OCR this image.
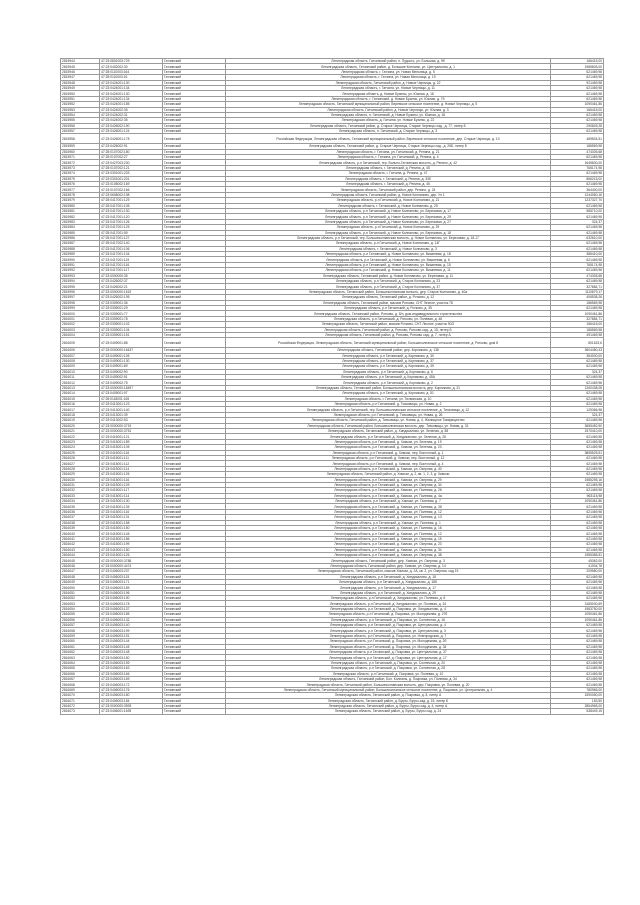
2815944	47:23:0801003:729	Гатчинский	Ленинградская область, Гатчинский район, п. Пудость, ул. Большая, д. 9б	166415,00
2815945	47:23:0402002:30	Гатчинский	Ленинградская область, Гатчинский район, д. Большие Колпаны, ул. Центральная, д. 1	1985805,00
2815946	47:25:0110003:164	Гатчинский	Ленинградская область, г. Гатчина, ул. Новая Мельница, д. 5	621469,98
2815947	47:25:0110003:16	Гатчинский	Ленинградская область, г. Гатчина, ул. Новая Мельница, д. 19	621469,98
2815948	47:23:0424001:130	Гатчинский	Ленинградская область, Гатчинский район, д. Новые Черницы, д. 22	921469,98
2815949	47:23:0424001:134	Гатчинский	Ленинградская область, г. Гатчина, ул. Новые Черницы, д. 11	621469,98
2815950	47:23:0424001:130	Гатчинский	Ленинградская область, д. Новые Бузины, ул. Южная, д. 18	621469,98
2815951	47:23:0424001:134	Гатчинский	Ленинградская область, г. Гатчинский, д. Новые Бузины, ул. Южная, д. 7б	621469,98
2815952	47:23:0424001:185	Гатчинский	Ленинградская область, Гатчинский муниципальный район, Веревское сельское поселение, д. Новые Черницы, д. 5	1090461,86
2815953	47:23:0424002:35	Гатчинский	Ленинградская область, Гатчинский район, д. Новые Черницы, ул. Южная, д. 3	166415,00
2815954	47:23:0424002:31	Гатчинский	Ленинградская область, п. Гатчинский, д. Новые Бузины, ул. Южная, д. 18	621469,98
2815955	47:23:0424002:35	Гатчинский	Ленинградская область, д. Гатчина, ул. Новые Бузины, д. 22	621469,98
2815956	47:23:0426002:190	Гатчинский	Ленинградская область, Гатчинский район, д. Старые Черницы, Старые Черницы сад., д. 77, литер Б	290849,28
2815957	47:23:0426001:124	Гатчинский	Ленинградская область, п. Гатчинский, д. Старые Черницы, д. 3	621469,98
2815958	47:23:0426001:178	Гатчинский	Российская Федерация, Ленинградская область, Гатчинский муниципальный район, Веревское сельское поселение, дер. Старые Черницы, д. 10	489504,51
2815959	47:23:0426002:91	Гатчинский	Ленинградская область, Гатчинский район, д. Старые Черницы, Старые Черницы сад., д. 26Б, литер Б	186569,98
2815960	47:25:0107002:180	Гатчинский	Ленинградская область, г. Гатчина, ул. Гатчинский, д. Репина, д. 21	474305,68
2815971	47:25:0107002:27	Гатчинский	Ленинградская область, г. Гатчина, ул. Гатчинский, д. Репина, д. 4	621469,98
2815972	47:23:0427003:230	Гатчинский	Ленинградская область, р-н Гатчинский, тер. Вольно-Гатчинская волость, д. Репино, д. 42	1645830,00
2815973	47:25:0107002:121	Гатчинский	Ленинградская область, г. Гатчинский, д. Репина, д. 45	765174,98
2815974	47:23:0301001:233	Гатчинский	Ленинградская область, г. Гатчина, д. Репина, д. 47	621469,98
2815975	47:23:0301001:201	Гатчинский	Ленинградская область, г. Гатчинский, д. Репина, д. 33б	866215,00
2815976	47:23:0105002:169	Гатчинский	Ленинградская область, г. Гатчинский, д. Репина, д. 46	621469,98
2815977	47:23:0107002:166	Гатчинский	Ленинградская область, Гатчинский район, дер. Репино, д. 24	364400,00
2815978	47:23:0608002:198	Гатчинский	Ленинградская область, Гатчинский район, д. Новое Колпаново, дер. Ул 1	1244050,16
2815979	47:25:0417001:129	Гатчинский	Ленинградская область, р-н Гатчинский, д. Новое Колпаново, д. 21	1237327,70
2815980	47:25:0417001:105	Гатчинский	Ленинградская область, г. Гатчинский, д. Новое Колпаново, д. 25	621469,98
2815981	47:23:0417001:130	Гатчинский	Ленинградская область, р-н Гатчинский, д. Новое Колпаново, ул. Березовая, д. 17	585710,00
2815982	47:23:0417001:120	Гатчинский	Ленинградская область, р-н Гатчинский, д. Новое Колпаново, ул. Березовая, д. 29	621469,98
2815983	47:23:0417001:126	Гатчинский	Ленинградская область, р-н Гатчинский, д. Новое Колпаново, ул. Березовая, д. 27	324,37
2815984	47:23:0417001:125	Гатчинский	Ленинградская область, р-н Гатчинский, д. Новое Колпаново, д. 29	621469,98
2815985	47:25:0417001:59	Гатчинский	Ленинградская область, р-н Гатчинский, д. Новое Колпаново, ул. Березовая, д. 18	621469,98
2815986	47:25:0417001:127	Гатчинский	Ленинградская область, р-н Гатчинский, тер. Большеколпанская волость, д. Новое Колпаново, ул. Березовая, д. 18-17	632610,00
2815987	47:25:0417002:140	Гатчинский	Ленинградская область, р-н Гатчинский, д. Новое Колпаново, д. 14Г	621469,98
2815988	47:23:0417001:106	Гатчинский	Ленинградская область, г. Гатчинский, д. Новое Колпаново, д. 3	621469,98
2815989	47:23:0417001:104	Гатчинский	Ленинградская область, р-н Гатчинский, д. Новое Колпаново, ул. Вишневая, д. 18	386410,00
2815990	47:23:0417001:119	Гатчинский	Ленинградская область, р-н Гатчинский, д. Новое Колпаново, ул. Вишневая, д. 6	621469,98
2815991	47:23:0417001:116	Гатчинский	Ленинградская область, р-н Гатчинский, д. Новое Колпаново, ул. Вишневая, д. 15	765174,98
2815992	47:23:0417001:117	Гатчинский	Ленинградская область, р-н Гатчинский, д. Новое Колпаново, ул. Вишневая, д. 11	621469,98
2815993	47:23:0000000:35	Гатчинский	Ленинградская область, Гатчинский район, д. Новое Колпаново, ул. Березовая, д. 11	474305,68
2815994	47:23:0426002:37	Гатчинский	Ленинградская область, р-н Гатчинский, д. Старое Колпаново, д. 23	621469,98
2815995	47:23:0426002:21	Гатчинский	Ленинградская область, р-н Гатчинский, д. Старое Колпаново, д. 37	327884,71
2815996	47:23:0000000:1619	Гатчинский	Ленинградская область, Гатчинский район, Большеколпанская волость, дер. Старое Колпаново, д. 40а	1110879,17
2815997	47:23:0426002:195	Гатчинский	Ленинградская область, Гатчинский район, д. Ротково, д. 12	406538,26
2815998	47:23:0309001:36	Гатчинский	Ленинградская область, Гатчинский район, массив Ротково, СНТ Лесное, участок 78	186569,98
2815999	47:23:0309001:29	Гатчинский	Ленинградская область, р-н Гатчинский, д. Ротково, д. 35	621469,98
2816000	47:23:0309001:77	Гатчинский	Ленинградская область, Гатчинский район, Ротково, д. б/н, дом индивидуального строительства	1090461,86
2816001	47:23:0309001:78	Гатчинский	Ленинградская область, р-н Гатчинский, д. Ротково, ул. Полевая, д. 48	327884,71
2816002	47:23:0309001:102	Гатчинский	Ленинградская область, Гатчинский район, массив Ротково, СНТ Лесное, участок 90/2	166415,00
2816003	47:23:0309001:104	Гатчинский	Ленинградская область, Гатчинский район, д. Ротково, Ротково сад., д. 15, литер Б	186569,98
2816004	47:23:0309001:151	Гатчинский	Ленинградская область, Гатчинский район, д. Ротково, Ротково сад., д. 7, литер А	491469,98
2816005	47:23:0409001:88	Гатчинский	Российская Федерация, Ленинградская область, Гатчинский муниципальный район, Большеколпанское сельское поселение, д. Ротково, дом 8	801623,6
2816006	47:23:0000000:16437	Гатчинский	Ленинградская область, Гатчинский район, дер. Корпиково, д. 138	3604450,43
2816007	47:23:0409001:106	Гатчинский	Ленинградская область, р-н Гатчинский, д. Корпиково, д. 30	384000,00
2816008	47:23:0409001:130	Гатчинский	Ленинградская область, р-н Гатчинский, д. Корпиково, д. 37	621469,98
2816009	47:23:0409001:89	Гатчинский	Ленинградская область, р-н Гатчинский, д. Корпиково, д. 39	621469,98
2816010	47:23:0409002:90	Гатчинский	Ленинградская область, р-н Гатчинский, д. Корпиково, д. 6	324,37
2816011	47:23:0409002:91	Гатчинский	Ленинградская область, р-н Гатчинский, д. Корпиково, д. 45А	621469,98
2816012	47:23:0409002:75	Гатчинский	Ленинградская область, р-н Гатчинский, д. Корпиково, д. 2	621469,98
2816013	47:23:0000000:18497	Гатчинский	Ленинградская область, Гатчинский район, Большеколпанская волость, дер. Корпиково, д. 21	1260438,08
2816014	47:23:0409001:97	Гатчинский	Ленинградская область, р-н Гатчинский, д. Корпиково, д. 51	621469,98
2816015	47:25:0118001:165	Гатчинский	Ленинградская область, г. Гатчина, ул. Тихвинская, д. 10	621469,98
2816016	47:23:0413001:123	Гатчинский	Ленинградская область, р-н Гатчинский, д. Тихковицы, ул. Новая, д. 2	621469,98
2816017	47:23:0413001:140	Гатчинский	Ленинградская область, р-н Гатчинский, тер. Большеколпанская сельское поселение, д. Тихковицы, д. 12	125366,98
2816018	47:23:0413001:39	Гатчинский	Ленинградская область, р-н Гатчинский, д. Тихковицы, ул. Новая, д. 26	324,37
2816019	47:23:0413002:53	Гатчинский	Ленинградская область, Гатчинский район, д. Тихковицы, ул. Новая, д. 4, Жилищное Товарищество	621469,98
2816020	47:23:0000000:3719	Гатчинский	Ленинградская область, Гатчинский район, Большеколпанская волость, дер. Тихковицы, ул. Новая, д. 31	3655452,90
2816021	47:23:0000000:3751	Гатчинский	Ленинградская область, Гатчинский район, д. Хиндикалово, ул. Зеленая, д. 58	1570410,00
2816022	47:23:0415001:121	Гатчинский	Ленинградская область, р-н Гатчинский, д. Хиндикалово, ул. Зеленая, д. 26	621469,98
2816023	47:23:0415001:189	Гатчинский	Ленинградская область, р-н Гатчинский, д. Химози, ул. Зеленая, д. 19	621469,98
2816024	47:23:0415001:105	Гатчинский	Ленинградская область, р-н Гатчинский, д. Химози, ул. Зеленая, д. 23	621469,98
2816025	47:23:0415001:116	Гатчинский	Ленинградская область, р-н Гатчинский, д. Химози, пер. Восточный, д. 1	3855525,51
2816026	47:23:0415001:111	Гатчинский	Ленинградская область, р-н Гатчинский, д. Химози, пер. Восточный, д. 12	621469,98
2816027	47:23:0415001:112	Гатчинский	Ленинградская область, р-н Гатчинский, д. Химози, пер. Восточный, д. 4	621469,98
2816028	47:23:0415001:114	Гатчинский	Ленинградская область, р-н Гатчинский, д. Химози, ул. Озерная, д. 40	621469,98
2816029	47:23:0415001:126	Гатчинский	Ленинградская область, Гатчинский район, д. Химози, д. 2, кв. 1, 2, 3, д. Химози	621469,98
2816030	47:23:0415001:116	Гатчинский	Ленинградская область, р-н Гатчинский, д. Химози, ул. Озерная, д. 29	1985295,16
2816031	47:23:0415001:109	Гатчинский	Ленинградская область, р-н Гатчинский, д. Химози, ул. Озерная, д. 34	621469,98
2816032	47:23:0415001:117	Гатчинский	Ленинградская область, р-н Гатчинский, д. Химози, ул. Полевая, д. 26	621469,98
2816033	47:23:0415001:114	Гатчинский	Ленинградская область, р-н Гатчинский, д. Химози, ул. Полевая, д. 4а	963115,98
2816034	47:23:0415001:130	Гатчинский	Ленинградская область, р-н Гатчинский, д. Химози, ул. Полевая, д. 7	1090461,86
2816035	47:23:0415001:135	Гатчинский	Ленинградская область, р-н Гатчинский, д. Химози, ул. Полевая, д. 38	621469,98
2816036	47:23:0415001:116	Гатчинский	Ленинградская область, р-н Гатчинский, д. Химози, ул. Полевая, д. 12	621469,98
2816037	47:23:0415001:131	Гатчинский	Ленинградская область, р-н Гатчинский, д. Химози, ул. Полевая, д. 13	621469,98
2816038	47:23:0415001:158	Гатчинский	Ленинградская область, р-н Гатчинский, д. Химози, ул. Полевая, д. 1	621469,98
2816039	47:23:0415001:150	Гатчинский	Ленинградская область, р-н Гатчинский, д. Химози, ул. Полевая, д. 16	621469,98
2816040	47:23:0415001:145	Гатчинский	Ленинградская область, р-н Гатчинский, д. Химози, ул. Полевая, д. 12	621469,98
2816041	47:23:0415001:186	Гатчинский	Ленинградская область, р-н Гатчинский, д. Химози, ул. Озерная, д. 15	621469,98
2816042	47:23:0415001:199	Гатчинский	Ленинградская область, р-н Гатчинский, д. Химози, ул. Озерная, д. 23	621469,98
2816043	47:23:0415001:150	Гатчинский	Ленинградская область, р-н Гатчинский, д. Химози, ул. Озерная, д. 34	621469,98
2816044	47:23:0415001:126	Гатчинский	Ленинградская область, р-н Гатчинский, д. Химози, ул. Озерная, д. 38	1985385,51
2816045	47:23:0000000:3788	Гатчинский	Ленинградская область, Гатчинский район, дер. Химози, ул. Озерная, д. 3	45362,00
2816046	47:23:0000000:4474	Гатчинский	Ленинградская область, Гатчинский район, дер. Химози, ул. Озерная, д. 14	41004,78
2816047	47:23:0406003:237	Гатчинский	Ленинградская область, Гатчинский район, массив Химози, д. 2А, кв. 2, ул. Озерная, сад 19	209580,00
2816048	47:23:0406003:115	Гатчинский	Ленинградская область, р-н Гатчинский, д. Хиндикалово, д. 18	621469,98
2816049	47:23:0406003:171	Гатчинский	Ленинградская область, р-н Гатчинский, д. Хиндикалово, д. 185	621469,98
2816050	47:23:0406003:189	Гатчинский	Ленинградская область, р-н Гатчинский, д. Хиндикалово, д. 17	621469,98
2816051	47:23:0406003:196	Гатчинский	Ленинградская область, р-н Гатчинский, д. Хиндикалово, д. 29	621469,98
2816052	47:23:0406003:190	Гатчинский	Ленинградская область, р-н Гатчинский, д. Хиндикалово, ул. Полевая, д. 6	621469,98
2816053	47:23:0406003:178	Гатчинский	Ленинградская область, р-н Гатчинский, д. Хиндикалово, ул. Полевая, д. 34	3185030,69
2816054	47:23:0406003:137	Гатчинский	Ленинградская область, р-н Гатчинский, д. Покровка, ул. Хиндикалово, д. 4	1983750,00
2816055	47:23:0406003:185	Гатчинский	Ленинградская область, р-н Гатчинский, д. Покровка, ул. Молодежная, д. 27б	1090461,86
2816056	47:23:0406003:132	Гатчинский	Ленинградская область, р-н Гатчинский, д. Покровка, ул. Солнечная, д. 16	1090461,86
2816057	47:23:0406003:140	Гатчинский	Ленинградская область, р-н Гатчинский, д. Покровка, ул. Центральная, д. 4	621469,98
2816058	47:23:0406003:199	Гатчинский	Ленинградская область, р-н Гатчинский, д. Покровка, ул. Центральная, д. 3	621469,98
2816059	47:23:0406003:191	Гатчинский	Ленинградская область, р-н Гатчинский, д. Покровка, ул. Новгородская, д. 7	621469,98
2816060	47:23:0406003:144	Гатчинский	Ленинградская область, р-н Гатчинский, д. Покровка, ул. Молодежная, д. 2б	621469,98
2816061	47:23:0406003:145	Гатчинский	Ленинградская область, р-н Гатчинский, д. Покровка, ул. Молодежная, д. 34	621469,98
2816062	47:23:0406003:148	Гатчинский	Ленинградская область, р-н Гатчинский, д. Покровка, ул. Центральная, д. 37	621469,98
2816063	47:23:0406003:150	Гатчинский	Ленинградская область, р-н Гатчинский, д. Покровка, ул. Центральная, д. 17	621469,98
2816064	47:23:0406003:159	Гатчинский	Ленинградская область, р-н Гатчинский, д. Покровка, ул. Солнечная, д. 20	621469,98
2816065	47:23:0406003:163	Гатчинский	Ленинградская область, р-н Гатчинский, д. Покровка, ул. Солнечная, д. 28	621469,98
2816066	47:23:0406003:166	Гатчинский	Ленинградская область, р-н Гатчинский, д. Покровка, ул. Полевая, д. 10	621469,98
2816067	47:23:0406003:169	Гатчинский	Ленинградская область, Гатчинский район, Бол. Колпаны, д. Покровка, ул. Полевая, д. 34	621469,98
2816068	47:23:0406003:172	Гатчинский	Ленинградская область, Гатчинский район, Большеколпанская волость, дер. Покровка, ул. Полевая, д. 20	621469,98
2816069	47:23:0406003:176	Гатчинский	Ленинградская область, Гатчинский муниципальный район, Большеколпанское сельское поселение, д. Покровка, ул. Центральная, д. 4	780965,00
2816070	47:23:0406003:180	Гатчинский	Ленинградская область, Гатчинский район, д. Покровка, д. 8, литер А	1590050,00
2816071	47:23:0406003:184	Гатчинский	Ленинградская область, Гатчинский район, д. Бугры, Бугры-сад. д. 15, литер Б	183,50
2816072	47:23:0000000:3593	Гатчинский	Ленинградская область, Гатчинский район, д. Бугры, Бугры сад. д. 4, литер А	2854965,00
2816073	47:23:0406001:1639	Гатчинский	Ленинградская область, Гатчинский район, д. Бугры, Бугры сад. д. 24	538449,15
